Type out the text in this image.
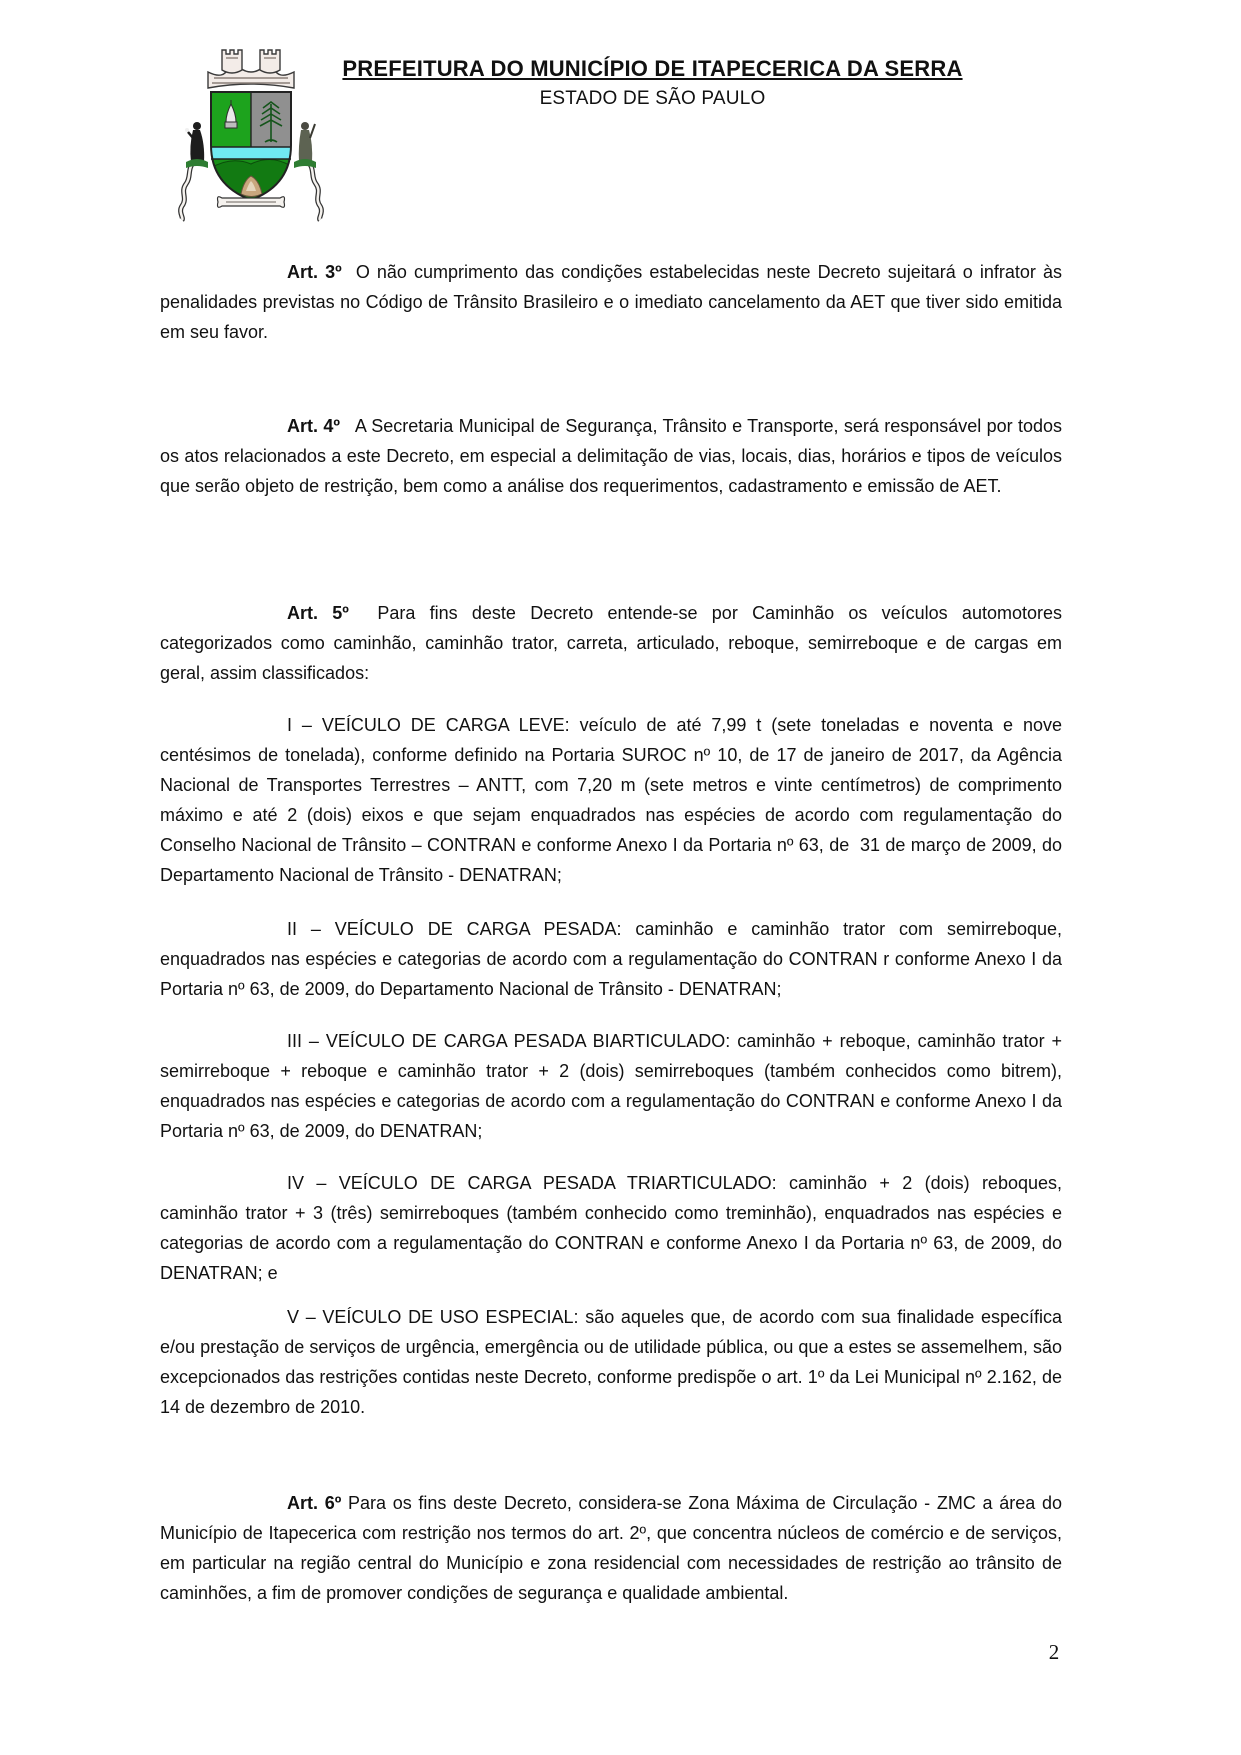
PREFEITURA DO MUNICÍPIO DE ITAPECERICA DA SERRA
ESTADO DE SÃO PAULO

Art. 3º  O não cumprimento das condições estabelecidas neste Decreto sujeitará o infrator às penalidades previstas no Código de Trânsito Brasileiro e o imediato cancelamento da AET que tiver sido emitida em seu favor.

Art. 4º   A Secretaria Municipal de Segurança, Trânsito e Transporte, será responsável por todos os atos relacionados a este Decreto, em especial a delimitação de vias, locais, dias, horários e tipos de veículos que serão objeto de restrição, bem como a análise dos requerimentos, cadastramento e emissão de AET.

Art. 5º  Para fins deste Decreto entende-se por Caminhão os veículos automotores categorizados como caminhão, caminhão trator, carreta, articulado, reboque, semirreboque e de cargas em geral, assim classificados:

I – VEÍCULO DE CARGA LEVE: veículo de até 7,99 t (sete toneladas e noventa e nove centésimos de tonelada), conforme definido na Portaria SUROC nº 10, de 17 de janeiro de 2017, da Agência Nacional de Transportes Terrestres – ANTT, com 7,20 m (sete metros e vinte centímetros) de comprimento máximo e até 2 (dois) eixos e que sejam enquadrados nas espécies de acordo com regulamentação do Conselho Nacional de Trânsito – CONTRAN e conforme Anexo I da Portaria nº 63, de  31 de março de 2009, do Departamento Nacional de Trânsito - DENATRAN;

II – VEÍCULO DE CARGA PESADA: caminhão e caminhão trator com semirreboque, enquadrados nas espécies e categorias de acordo com a regulamentação do CONTRAN r conforme Anexo I da Portaria nº 63, de 2009, do Departamento Nacional de Trânsito - DENATRAN;

III – VEÍCULO DE CARGA PESADA BIARTICULADO: caminhão + reboque, caminhão trator + semirreboque + reboque e caminhão trator + 2 (dois) semirreboques (também conhecidos como bitrem), enquadrados nas espécies e categorias de acordo com a regulamentação do CONTRAN e conforme Anexo I da Portaria nº 63, de 2009, do DENATRAN;

IV – VEÍCULO DE CARGA PESADA TRIARTICULADO: caminhão + 2 (dois) reboques, caminhão trator + 3 (três) semirreboques (também conhecido como treminhão), enquadrados nas espécies e categorias de acordo com a regulamentação do CONTRAN e conforme Anexo I da Portaria nº 63, de 2009, do DENATRAN; e

V – VEÍCULO DE USO ESPECIAL: são aqueles que, de acordo com sua finalidade específica e/ou prestação de serviços de urgência, emergência ou de utilidade pública, ou que a estes se assemelhem, são excepcionados das restrições contidas neste Decreto, conforme predispõe o art. 1º da Lei Municipal nº 2.162, de 14 de dezembro de 2010.

Art. 6º Para os fins deste Decreto, considera-se Zona Máxima de Circulação - ZMC a área do Município de Itapecerica com restrição nos termos do art. 2º, que concentra núcleos de comércio e de serviços, em particular na região central do Município e zona residencial com necessidades de restrição ao trânsito de caminhões, a fim de promover condições de segurança e qualidade ambiental.

2
